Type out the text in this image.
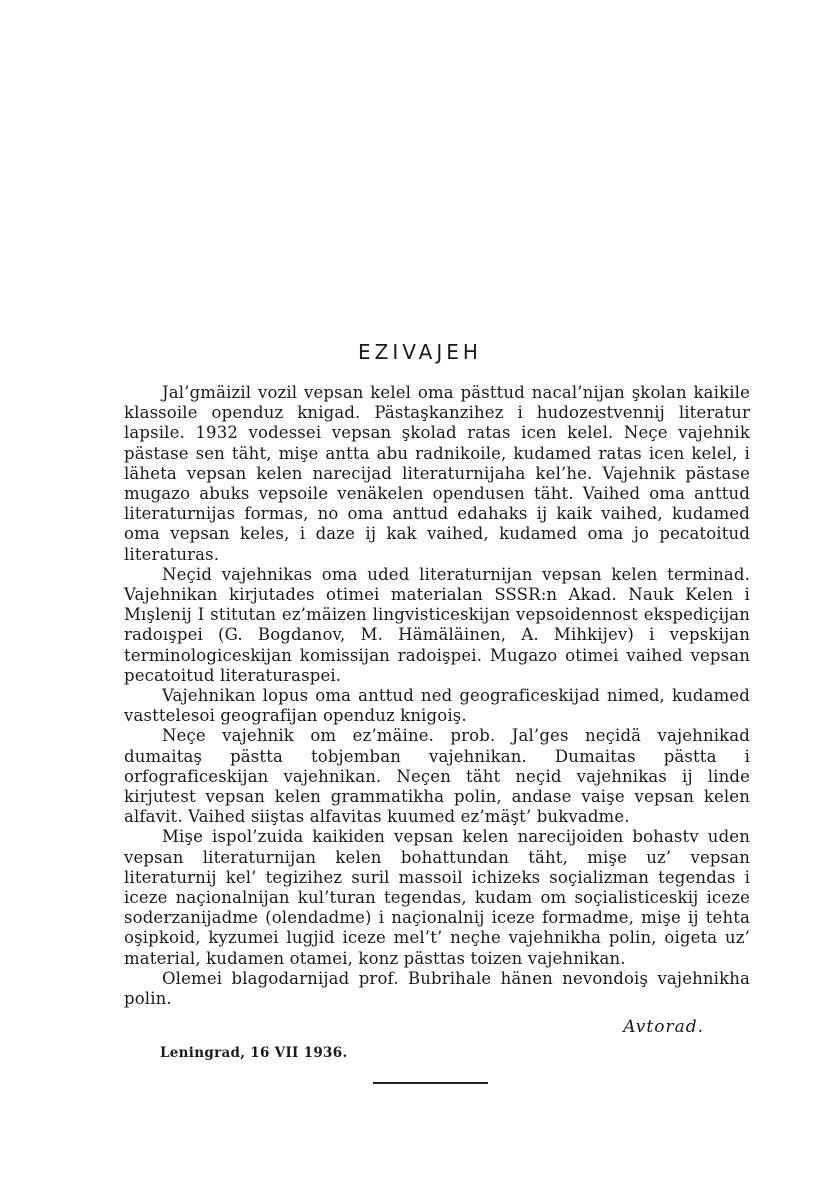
EZIVAJEH

Jal’gmäizil vozil vepsan kelel oma pästtud nacal’nijan şkolan kaikile klassoile openduz knigad. Pästaşkanzihez i hudozestvennij literatur lapsile. 1932 vodessei vepsan şkolad ratas icen kelel. Neçe vajehnik pästase sen täht, mişe antta abu radnikoile, kudamed ratas icen kelel, i läheta vepsan kelen narecijad literaturnijaha kel’he. Vajehnik pästase mugazo abuks vepsoile venäkelen opendusen täht. Vaihed oma anttud literaturnijas formas, no oma anttud edahaks ij kaik vaihed, kudamed oma vepsan keles, i daze ij kak vaihed, kudamed oma jo pecatoitud literaturas.

Neçid vajehnikas oma uded literaturnijan vepsan kelen terminad. Vajehnikan kirjutades otimei materialan SSSR:n Akad. Nauk Kelen i Mışlenij I stitutan ez’mäizen lingvisticeskijan vepsoidennost ekspediçijan radoışpei (G. Bogdanov, M. Hämäläinen, A. Mihkijev) i vepskijan terminologiceskijan komissijan radoişpei. Mugazo otimei vaihed vepsan pecatoitud literaturaspei.

Vajehnikan lopus oma anttud ned geograficeskijad nimed, kudamed vasttelesoi geografijan openduz knigoiş.

Neçe vajehnik om ez’mäine. prob. Jal’ges neçidä vajehnikad dumaitaş pästta tobjemban vajehnikan. Dumaitas pästta i orfograficeskijan vajehnikan. Neçen täht neçid vajehnikas ij linde kirjutest vepsan kelen grammatikha polin, andase vaişe vepsan kelen alfavit. Vaihed siiştas alfavitas kuumed ez’mäşt’ bukvadme.

Mişe ispol’zuida kaikiden vepsan kelen narecijoiden bohastv uden vepsan literaturnijan kelen bohattundan täht, mişe uz’ vepsan literaturnij kel’ tegizihez suril massoil ichizeks soçializman tegendas i iceze naçionalnijan kul’turan tegendas, kudam om soçialisticeskij iceze soderzanijadme (olendadme) i naçionalnij iceze formadme, mişe ij tehta oşipkoid, kyzumei lugjid iceze mel’t’ neçhe vajehnikha polin, oigeta uz’ material, kudamen otamei, konz pästtas toizen vajehnikan.

Olemei blagodarnijad prof. Bubrihale hänen nevondoiş vajehnikha polin.

Avtorad.
Leningrad, 16 VII 1936.
